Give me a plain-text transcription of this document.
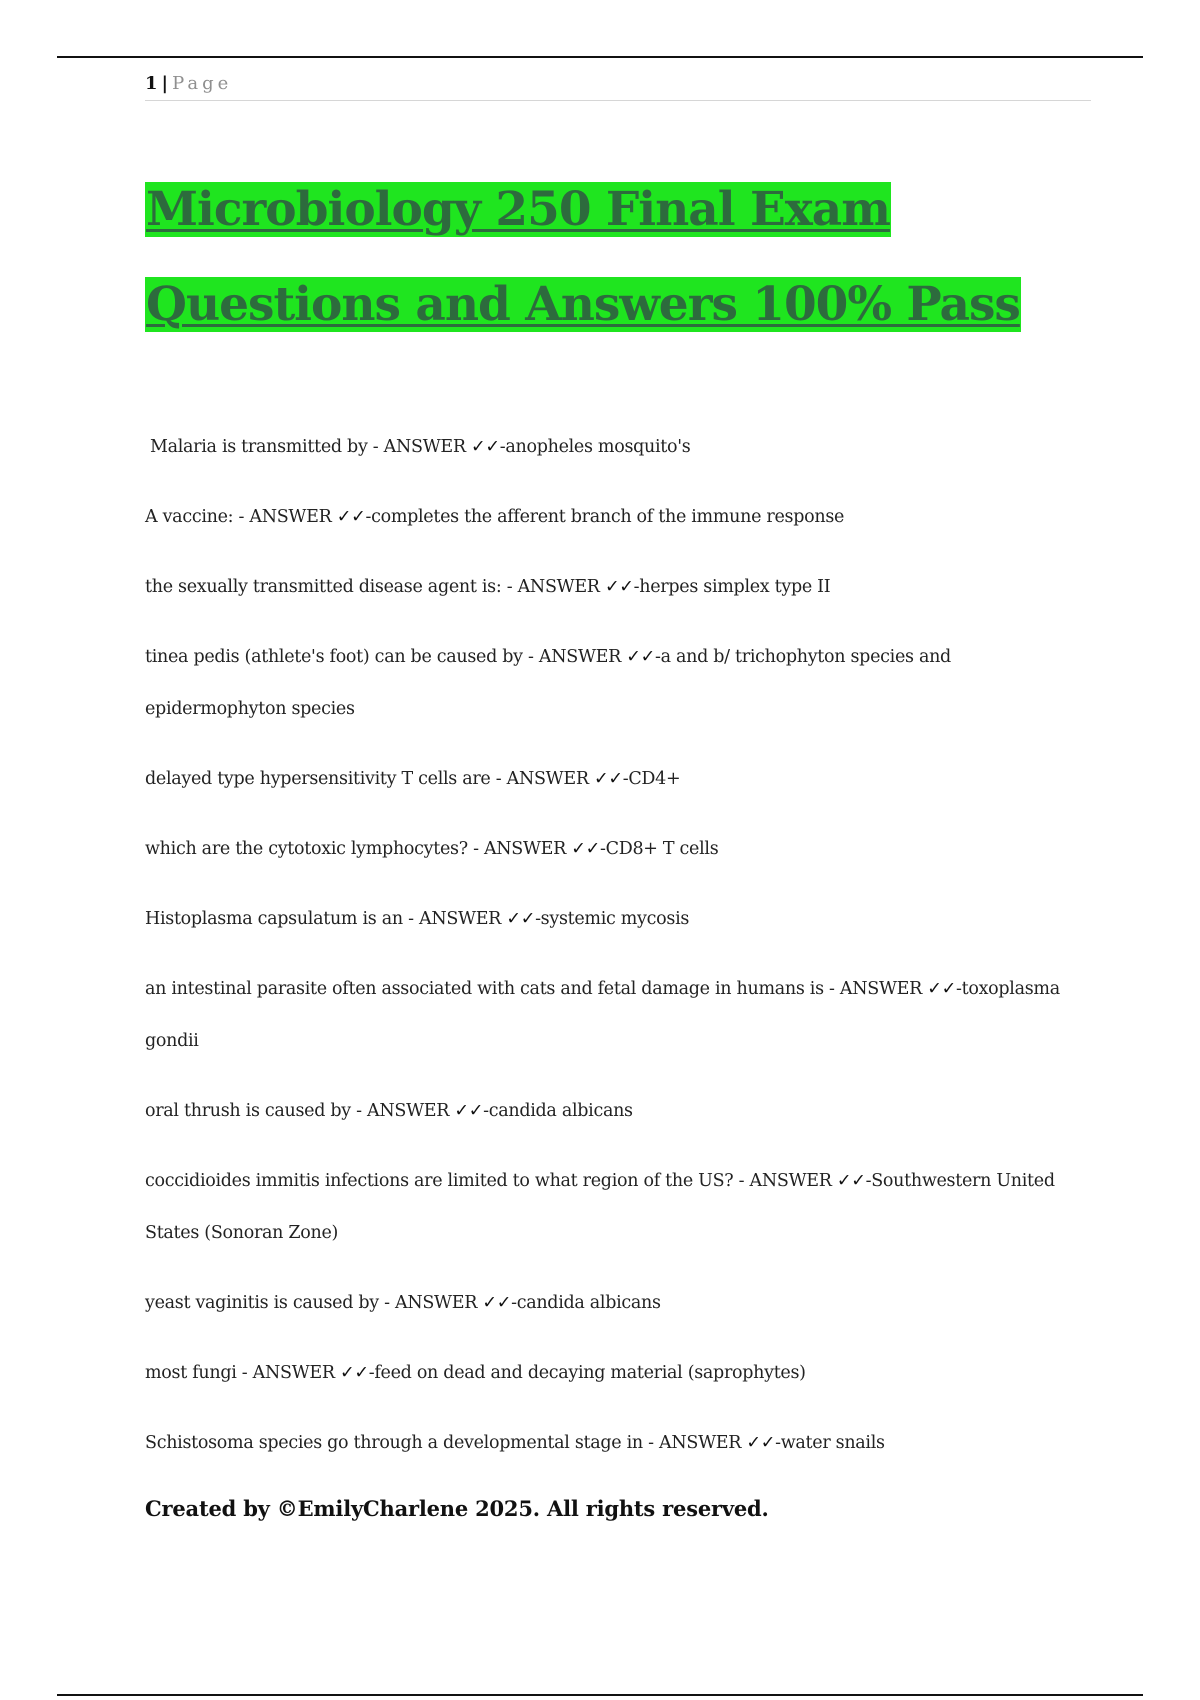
1 | Page
Microbiology 250 Final Exam
Questions and Answers 100% Pass
Malaria is transmitted by - ANSWER ✓✓-anopheles mosquito's
A vaccine: - ANSWER ✓✓-completes the afferent branch of the immune response
the sexually transmitted disease agent is: - ANSWER ✓✓-herpes simplex type II
tinea pedis (athlete's foot) can be caused by - ANSWER ✓✓-a and b/ trichophyton species and epidermophyton species
delayed type hypersensitivity T cells are - ANSWER ✓✓-CD4+
which are the cytotoxic lymphocytes? - ANSWER ✓✓-CD8+ T cells
Histoplasma capsulatum is an - ANSWER ✓✓-systemic mycosis
an intestinal parasite often associated with cats and fetal damage in humans is - ANSWER ✓✓-toxoplasma gondii
oral thrush is caused by - ANSWER ✓✓-candida albicans
coccidioides immitis infections are limited to what region of the US? - ANSWER ✓✓-Southwestern United States (Sonoran Zone)
yeast vaginitis is caused by - ANSWER ✓✓-candida albicans
most fungi - ANSWER ✓✓-feed on dead and decaying material (saprophytes)
Schistosoma species go through a developmental stage in - ANSWER ✓✓-water snails

Created by ©EmilyCharlene 2025. All rights reserved.
